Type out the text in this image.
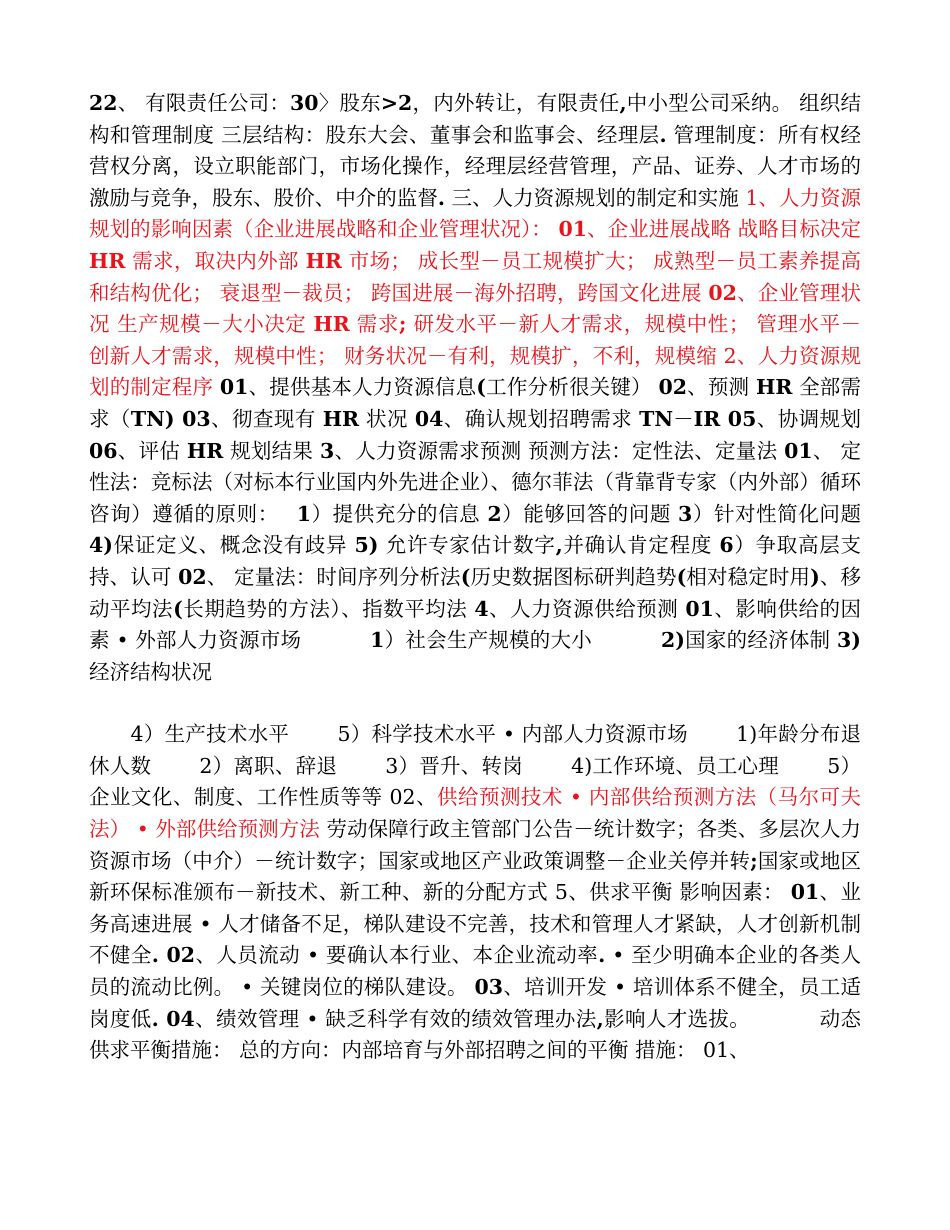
22、 有限责任公司：30〉股东>2，内外转让，有限责任,中小型公司采纳。 组织结构和管理制度 三层结构：股东大会、董事会和监事会、经理层. 管理制度：所有权经营权分离，设立职能部门，市场化操作，经理层经营管理，产品、证券、人才市场的激励与竞争，股东、股价、中介的监督. 三、人力资源规划的制定和实施 1、人力资源规划的影响因素（企业进展战略和企业管理状况）： 01、企业进展战略 战略目标决定 HR 需求，取决内外部 HR 市场； 成长型－员工规模扩大； 成熟型－员工素养提高和结构优化； 衰退型－裁员； 跨国进展－海外招聘，跨国文化进展 02、企业管理状况 生产规模－大小决定 HR 需求; 研发水平－新人才需求，规模中性； 管理水平－创新人才需求，规模中性； 财务状况－有利，规模扩，不利，规模缩 2、人力资源规划的制定程序 01、提供基本人力资源信息(工作分析很关键） 02、预测 HR 全部需求（TN) 03、彻查现有 HR 状况 04、确认规划招聘需求 TN－IR 05、协调规划 06、评估 HR 规划结果 3、人力资源需求预测 预测方法：定性法、定量法 01、 定性法：竞标法（对标本行业国内外先进企业）、德尔菲法（背靠背专家（内外部）循环咨询）遵循的原则：　 1）提供充分的信息 2）能够回答的问题 3）针对性简化问题 4)保证定义、概念没有歧异 5) 允许专家估计数字,并确认肯定程度 6）争取高层支持、认可 02、 定量法：时间序列分析法(历史数据图标研判趋势(相对稳定时用)、移动平均法(长期趋势的方法）、指数平均法 4、人力资源供给预测 01、影响供给的因素 • 外部人力资源市场 　　　1）社会生产规模的大小 　　　2)国家的经济体制 3)经济结构状况

　　4）生产技术水平 　　5）科学技术水平 • 内部人力资源市场 　　1)年龄分布退休人数 　　2）离职、辞退 　　3）晋升、转岗 　　4)工作环境、员工心理 　　5）企业文化、制度、工作性质等等 02、供给预测技术 • 内部供给预测方法（马尔可夫法） • 外部供给预测方法 劳动保障行政主管部门公告－统计数字；各类、多层次人力资源市场（中介）－统计数字；国家或地区产业政策调整－企业关停并转;国家或地区新环保标准颁布－新技术、新工种、新的分配方式 5、供求平衡 影响因素： 01、业务高速进展 • 人才储备不足，梯队建设不完善，技术和管理人才紧缺，人才创新机制不健全. 02、人员流动 • 要确认本行业、本企业流动率. • 至少明确本企业的各类人员的流动比例。 • 关键岗位的梯队建设。 03、培训开发 • 培训体系不健全，员工适岗度低. 04、绩效管理 • 缺乏科学有效的绩效管理办法,影响人才选拔。 　　　动态供求平衡措施： 总的方向：内部培育与外部招聘之间的平衡 措施： 01、
